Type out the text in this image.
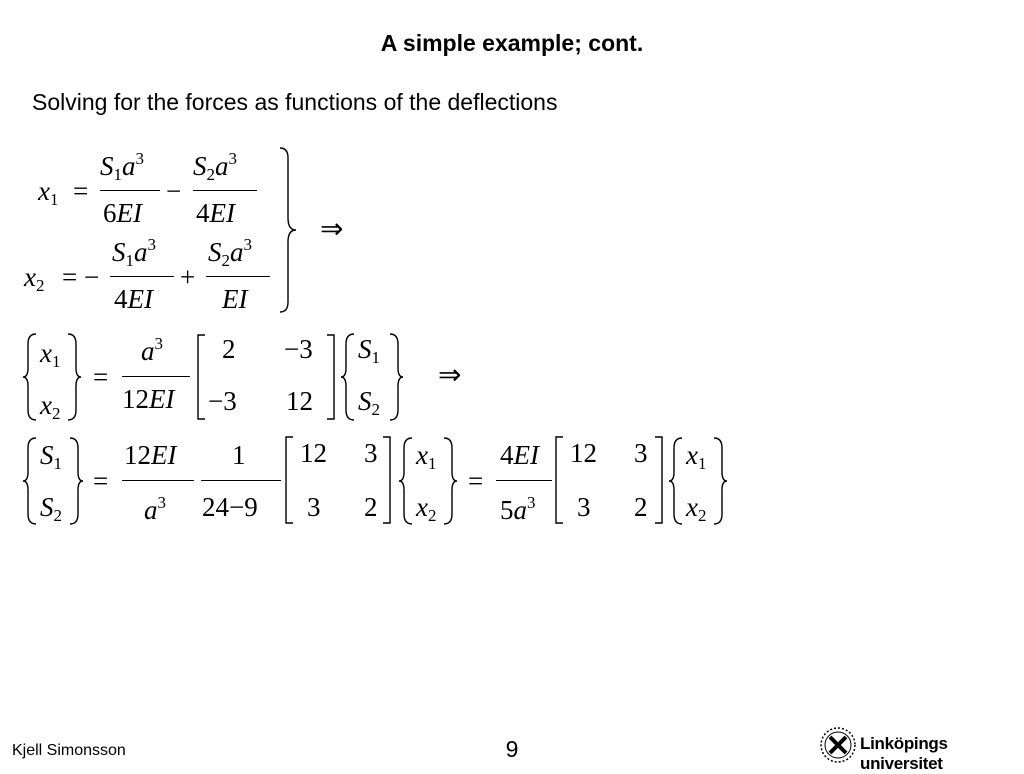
A simple example; cont.
Solving for the forces as functions of the deflections
$x_1$ =
$S_1a^3$
6EI
−
$S_2a^3$
4EI
$x_2$ = −
$S_1a^3$
4EI
+
$S_2a^3$
EI
⇒
$x_1$
$x_2$
=
$a^3$
12EI
2 −3
−3 12
$S_1$
$S_2$
⇒
$S_1$
$S_2$
=
12EI
$a^3$
1
24−9
12 3
3 2
$x_1$
$x_2$
=
4EI
$5a^3$
12 3
3 2
$x_1$
$x_2$
Kjell Simonsson	9	Linköpings universitet
